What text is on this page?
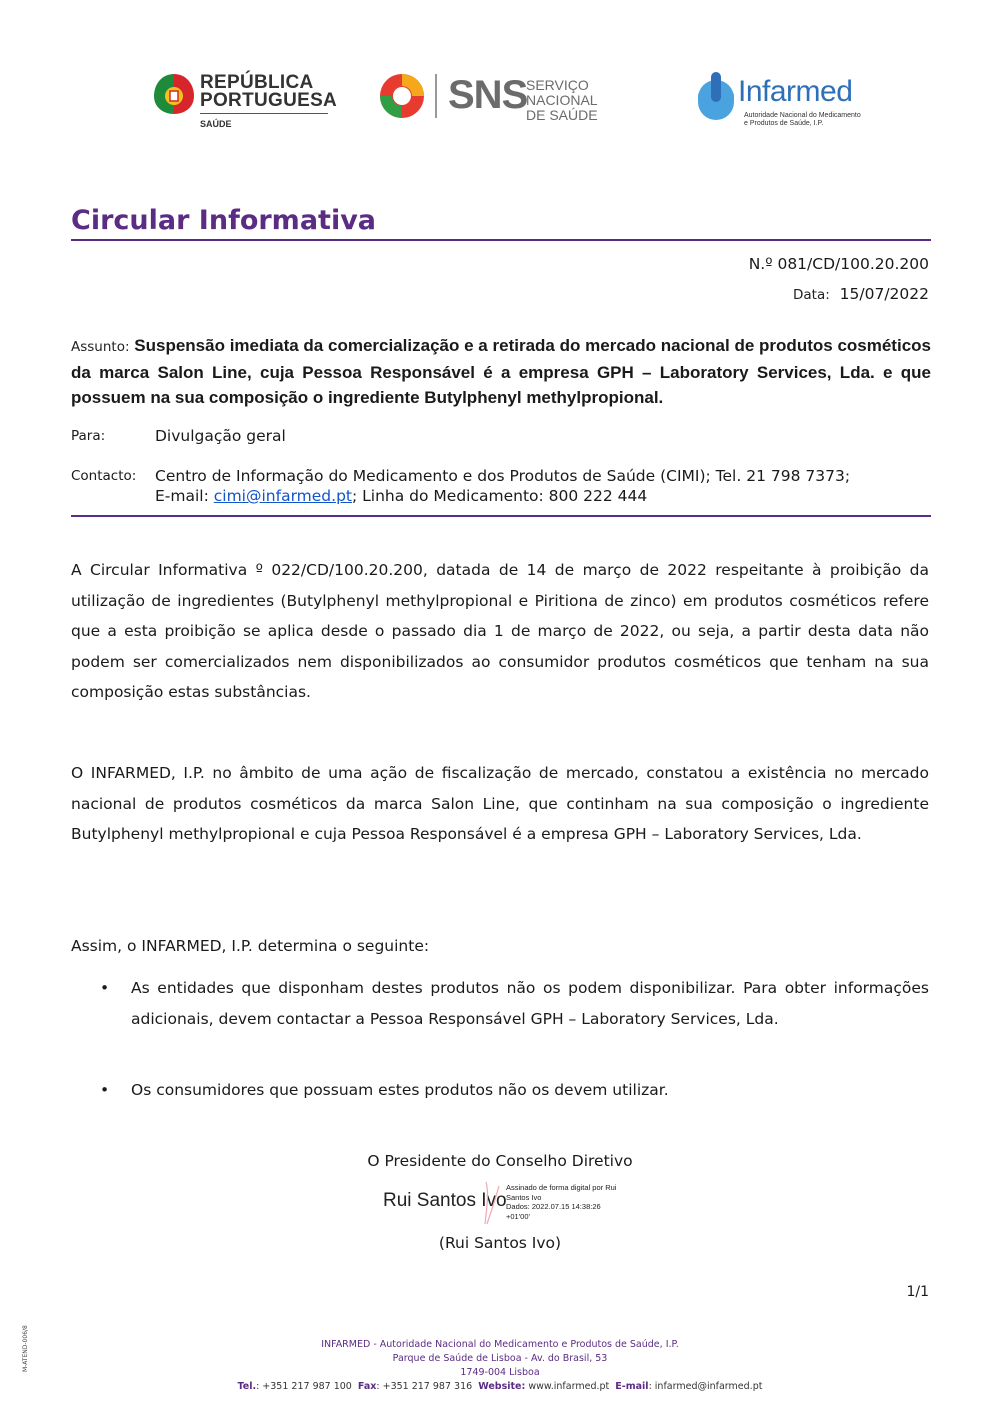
REPÚBLICA
PORTUGUESA
SAÚDE
SNS
SERVIÇO NACIONAL
DE SAÚDE
Infarmed
Autoridade Nacional do Medicamento
e Produtos de Saúde, I.P.
Circular Informativa
N.º 081/CD/100.20.200
Data: 15/07/2022
Assunto: Suspensão imediata da comercialização e a retirada do mercado nacional de produtos cosméticos da marca Salon Line, cuja Pessoa Responsável é a empresa GPH – Laboratory Services, Lda. e que possuem na sua composição o ingrediente Butylphenyl methylpropional.
Para:	Divulgação geral
Contacto: Centro de Informação do Medicamento e dos Produtos de Saúde (CIMI); Tel. 21 798 7373;
E-mail: cimi@infarmed.pt; Linha do Medicamento: 800 222 444
A Circular Informativa º 022/CD/100.20.200, datada de 14 de março de 2022 respeitante à proibição da utilização de ingredientes (Butylphenyl methylpropional e Piritiona de zinco) em produtos cosméticos refere que a esta proibição se aplica desde o passado dia 1 de março de 2022, ou seja, a partir desta data não podem ser comercializados nem disponibilizados ao consumidor produtos cosméticos que tenham na sua composição estas substâncias.
O INFARMED, I.P. no âmbito de uma ação de fiscalização de mercado, constatou a existência no mercado nacional de produtos cosméticos da marca Salon Line, que continham na sua composição o ingrediente Butylphenyl methylpropional e cuja Pessoa Responsável é a empresa GPH – Laboratory Services, Lda.
Assim, o INFARMED, I.P. determina o seguinte:
• As entidades que disponham destes produtos não os podem disponibilizar. Para obter informações adicionais, devem contactar a Pessoa Responsável GPH – Laboratory Services, Lda.
• Os consumidores que possuam estes produtos não os devem utilizar.
O Presidente do Conselho Diretivo
Rui Santos Ivo
Assinado de forma digital por Rui
Santos Ivo
Dados: 2022.07.15 14:38:26
+01'00'
(Rui Santos Ivo)
1/1
M-ATEND-006/8	INFARMED - Autoridade Nacional do Medicamento e Produtos de Saúde, I.P.
Parque de Saúde de Lisboa - Av. do Brasil, 53
1749-004 Lisboa
Tel.: +351 217 987 100 Fax: +351 217 987 316 Website: www.infarmed.pt E-mail: infarmed@infarmed.pt
